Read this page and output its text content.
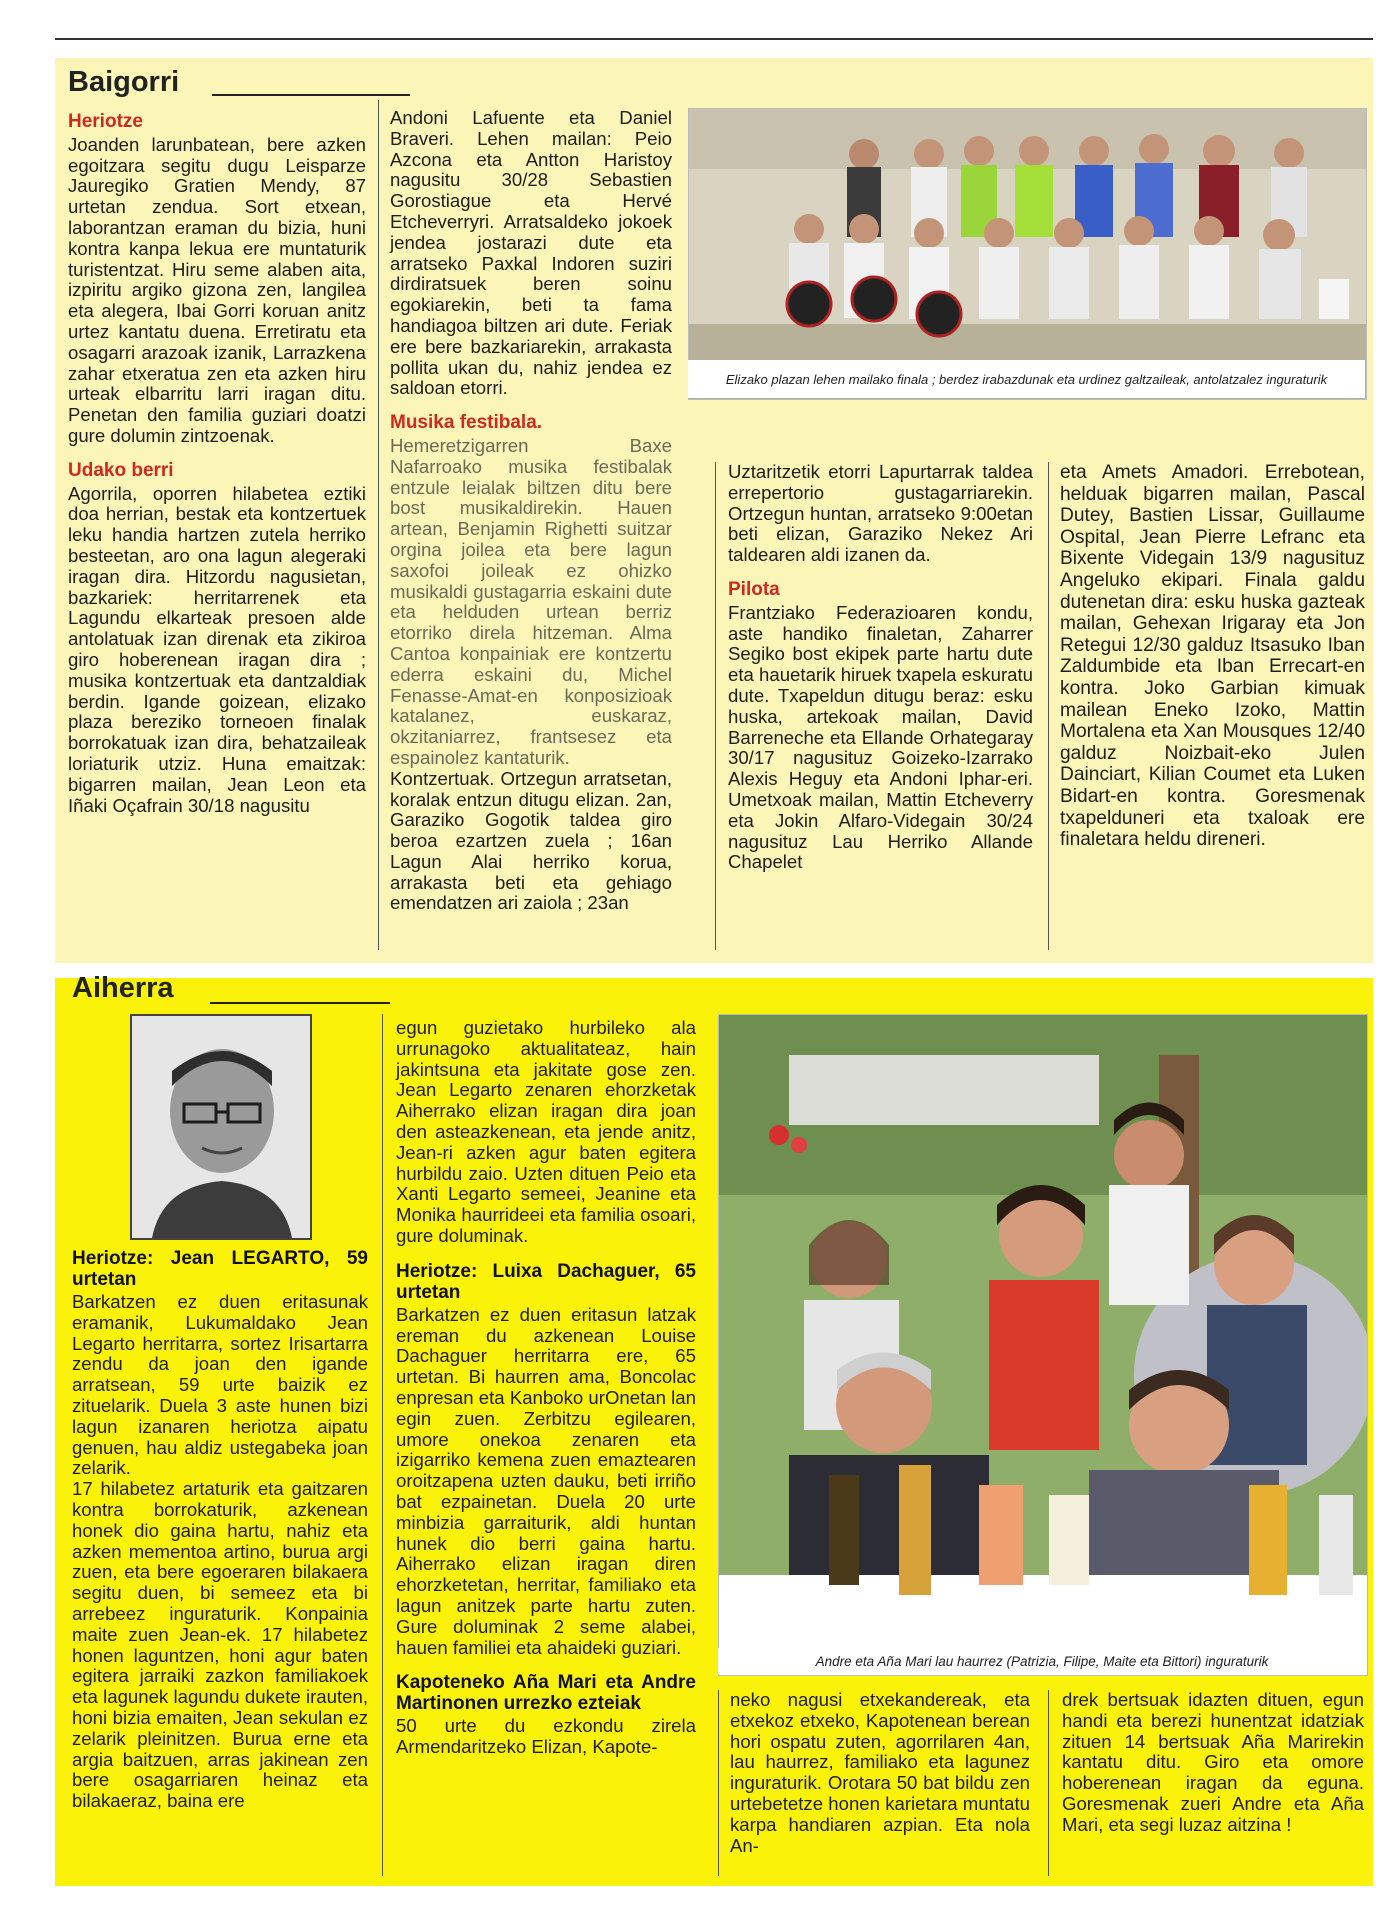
Baigorri
Heriotze

Joanden larunbatean, bere azken egoitzara segitu dugu Leisparze Jauregiko Gratien Mendy, 87 urtetan zendua. Sort etxean, laborantzan eraman du bizia, huni kontra kanpa lekua ere muntaturik turistentzat. Hiru seme alaben aita, izpiritu argiko gizona zen, langilea eta alegera, Ibai Gorri koruan anitz urtez kantatu duena. Erretiratu eta osagarri arazoak izanik, Larrazkena zahar etxeratua zen eta azken hiru urteak elbarritu larri iragan ditu. Penetan den familia guziari doatzi gure dolumin zintzoenak.

Udako berri

Agorrila, oporren hilabetea eztiki doa herrian, bestak eta kontzertuek leku handia hartzen zutela herriko besteetan, aro ona lagun alegeraki iragan dira. Hitzordu nagusietan, bazkariek: herritarrenek eta Lagundu elkarteak presoen alde antolatuak izan direnak eta zikiroa giro hoberenean iragan dira ; musika kontzertuak eta dantzaldiak berdin. Igande goizean, elizako plaza bereziko torneoen finalak borrokatuak izan dira, behatzaileak loriaturik utziz. Huna emaitzak: bigarren mailan, Jean Leon eta Iñaki Oçafrain 30/18 nagusitu

Andoni Lafuente eta Daniel Braveri. Lehen mailan: Peio Azcona eta Antton Haristoy nagusitu 30/28 Sebastien Gorostiague eta Hervé Etcheverryri. Arratsaldeko jokoek jendea jostarazi dute eta arratseko Paxkal Indoren suziri dirdiratsuek beren soinu egokiarekin, beti ta fama handiagoa biltzen ari dute. Feriak ere bere bazkariarekin, arrakasta pollita ukan du, nahiz jendea ez saldoan etorri.

Musika festibala.

Hemeretzigarren Baxe Nafarroako musika festibalak entzule leialak biltzen ditu bere bost musikaldirekin. Hauen artean, Benjamin Righetti suitzar orgina joilea eta bere lagun saxofoi joileak ez ohizko musikaldi gustagarria eskaini dute eta helduden urtean berriz etorriko direla hitzeman. Alma Cantoa konpainiak ere kontzertu ederra eskaini du, Michel Fenasse-Amat-en konposizioak katalanez, euskaraz, okzitaniarrez, frantsesez eta espainolez kantaturik.

Kontzertuak. Ortzegun arratsetan, koralak entzun ditugu elizan. 2an, Garaziko Gogotik taldea giro beroa ezartzen zuela ; 16an Lagun Alai herriko korua, arrakasta beti eta gehiago emendatzen ari zaiola ; 23an

Elizako plazan lehen mailako finala ; berdez irabazdunak eta urdinez galtzaileak, antolatzalez inguraturik

Uztaritzetik etorri Lapurtarrak taldea errepertorio gustagarriarekin. Ortzegun huntan, arratseko 9:00etan beti elizan, Garaziko Nekez Ari taldearen aldi izanen da.

Pilota

Frantziako Federazioaren kondu, aste handiko finaletan, Zaharrer Segiko bost ekipek parte hartu dute eta hauetarik hiruek txapela eskuratu dute. Txapeldun ditugu beraz: esku huska, artekoak mailan, David Barreneche eta Ellande Orhategaray 30/17 nagusituz Goizeko-Izarrako Alexis Heguy eta Andoni Iphar-eri. Umetxoak mailan, Mattin Etcheverry eta Jokin Alfaro-Videgain 30/24 nagusituz Lau Herriko Allande Chapelet

eta Amets Amadori. Errebotean, helduak bigarren mailan, Pascal Dutey, Bastien Lissar, Guillaume Ospital, Jean Pierre Lefranc eta Bixente Videgain 13/9 nagusituz Angeluko ekipari. Finala galdu dutenetan dira: esku huska gazteak mailan, Gehexan Irigaray eta Jon Retegui 12/30 galduz Itsasuko Iban Zaldumbide eta Iban Errecart-en kontra. Joko Garbian kimuak mailean Eneko Izoko, Mattin Mortalena eta Xan Mousques 12/40 galduz Noizbait-eko Julen Dainciart, Kilian Coumet eta Luken Bidart-en kontra. Goresmenak txapelduneri eta txaloak ere finaletara heldu direneri.

Aiherra
Heriotze: Jean LEGARTO, 59 urtetan

Barkatzen ez duen eritasunak eramanik, Lukumaldako Jean Legarto herritarra, sortez Irisartarra zendu da joan den igande arratsean, 59 urte baizik ez zituelarik. Duela 3 aste hunen bizi lagun izanaren heriotza aipatu genuen, hau aldiz ustegabeka joan zelarik.

17 hilabetez artaturik eta gaitzaren kontra borrokaturik, azkenean honek dio gaina hartu, nahiz eta azken mementoa artino, burua argi zuen, eta bere egoeraren bilakaera segitu duen, bi semeez eta bi arrebeez inguraturik. Konpainia maite zuen Jean-ek. 17 hilabetez honen laguntzen, honi agur baten egitera jarraiki zazkon familiakoek eta lagunek lagundu dukete irauten, honi bizia emaiten, Jean sekulan ez zelarik pleinitzen. Burua erne eta argia baitzuen, arras jakinean zen bere osagarriaren heinaz eta bilakaeraz, baina ere

egun guzietako hurbileko ala urrunagoko aktualitateaz, hain jakintsuna eta jakitate gose zen. Jean Legarto zenaren ehorzketak Aiherrako elizan iragan dira joan den asteazkenean, eta jende anitz, Jean-ri azken agur baten egitera hurbildu zaio. Uzten dituen Peio eta Xanti Legarto semeei, Jeanine eta Monika haurrideei eta familia osoari, gure doluminak.

Heriotze: Luixa Dachaguer, 65 urtetan

Barkatzen ez duen eritasun latzak ereman du azkenean Louise Dachaguer herritarra ere, 65 urtetan. Bi haurren ama, Boncolac enpresan eta Kanboko urOnetan lan egin zuen. Zerbitzu egilearen, umore onekoa zenaren eta izigarriko kemena zuen emaztearen oroitzapena uzten dauku, beti irriño bat ezpainetan. Duela 20 urte minbizia garraiturik, aldi huntan hunek dio berri gaina hartu. Aiherrako elizan iragan diren ehorzketetan, herritar, familiako eta lagun anitzek parte hartu zuten. Gure doluminak 2 seme alabei, hauen familiei eta ahaideki guziari.

Kapoteneko Aña Mari eta Andre Martinonen urrezko ezteiak

50 urte du ezkondu zirela Armendaritzeko Elizan, Kapote-

Andre eta Aña Mari lau haurrez (Patrizia, Filipe, Maite eta Bittori) inguraturik

neko nagusi etxekandereak, eta etxekoz etxeko, Kapotenean berean hori ospatu zuten, agorrilaren 4an, lau haurrez, familiako eta lagunez inguraturik. Orotara 50 bat bildu zen urtebetetze honen karietara muntatu karpa handiaren azpian. Eta nola An-

drek bertsuak idazten dituen, egun handi eta berezi hunentzat idatziak zituen 14 bertsuak Aña Marirekin kantatu ditu. Giro eta omore hoberenean iragan da eguna. Goresmenak zueri Andre eta Aña Mari, eta segi luzaz aitzina !
